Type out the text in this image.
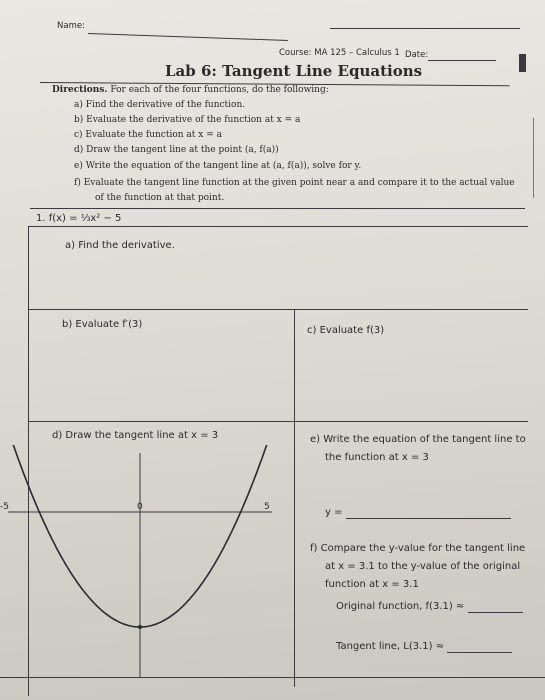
Name:
Course: MA 125 – Calculus 1 Date:
Lab 6: Tangent Line Equations
Directions. For each of the four functions, do the following:
a) Find the derivative of the function.
b) Evaluate the derivative of the function at x = a
c) Evaluate the function at x = a
d) Draw the tangent line at the point (a, f(a))
e) Write the equation of the tangent line at (a, f(a)), solve for y.
f) Evaluate the tangent line function at the given point near a and compare it to the actual value
of the function at that point.
1. f(x) = ⅓x² − 5
a) Find the derivative.
b) Evaluate f′(3)
c) Evaluate f(3)
d) Draw the tangent line at x = 3
-5	0	5
e) Write the equation of the tangent line to
the function at x = 3
y =
f) Compare the y-value for the tangent line
at x = 3.1 to the y-value of the original
function at x = 3.1
Original function, f(3.1) ≈
Tangent line, L(3.1) ≈
